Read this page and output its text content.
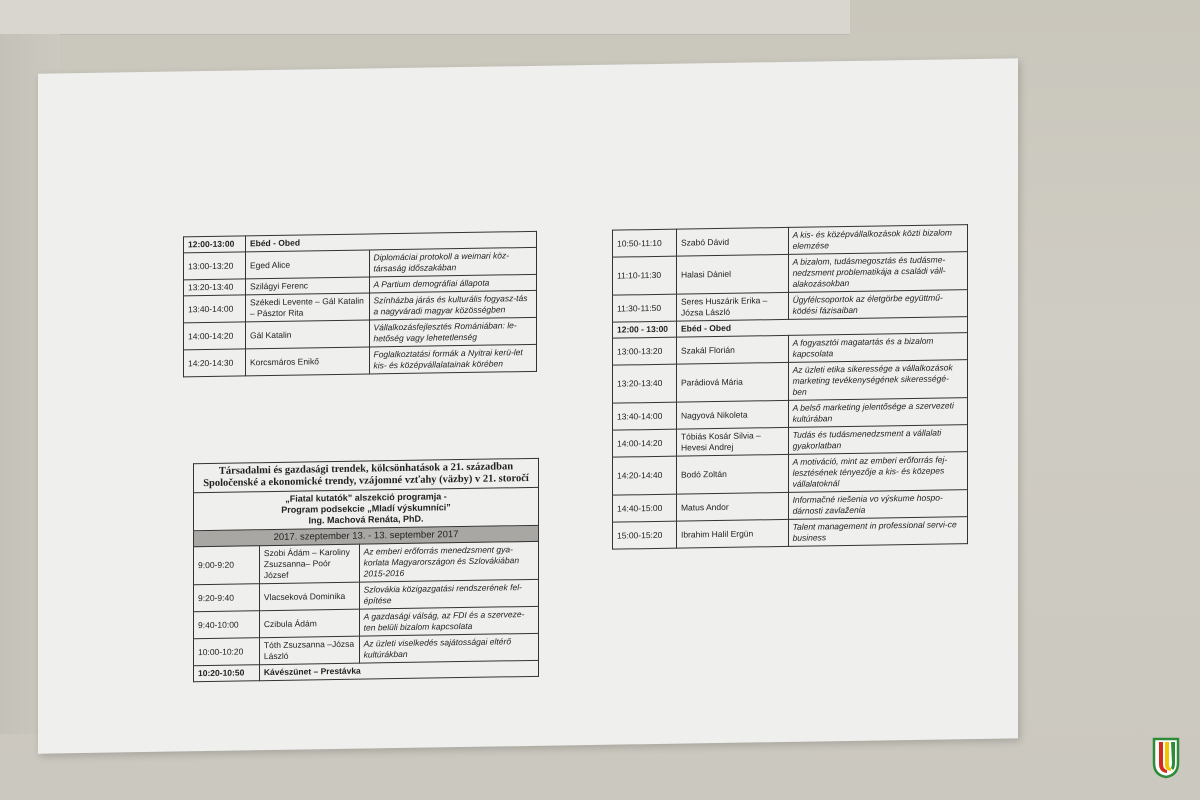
12:00-13:00	Ebéd - Obed	
13:00-13:20	Eged Alice	Diplomáciai protokoll a weimari köz-társaság időszakában
13:20-13:40	Szilágyi Ferenc	A Partium demográfiai állapota
13:40-14:00	Székedi Levente – Gál Katalin – Pásztor Rita	Színházba járás és kulturális fogyasz-tás a nagyváradi magyar közösségben
14:00-14:20	Gál Katalin	Vállalkozásfejlesztés Romániában: le-hetőség vagy lehetetlenség
14:20-14:30	Korcsmáros Enikő	Foglalkoztatási formák a Nyitrai kerü-let kis- és középvállalatainak körében
Társadalmi és gazdasági trendek, kölcsönhatások a 21. században Spoločenské a ekonomické trendy, vzájomné vzťahy (väzby) v 21. storočí		

„Fiatal kutatók” alszekció programja -
Program podsekcie „Mladí výskumníci”
Ing. Machová Renáta, PhD.		

2017. szeptember 13. - 13. september 2017		
9:00-9:20	Szobi Ádám – Karoliny Zsuzsanna– Poór József	Az emberi erőforrás menedzsment gya-korlata Magyarországon és Szlovákiában 2015-2016
9:20-9:40	Vlacseková Dominika	Szlovákia közigazgatási rendszerének fel-építése
9:40-10:00	Czibula Ádám	A gazdasági válság, az FDI és a szerveze-ten belüli bizalom kapcsolata
10:00-10:20	Tóth Zsuzsanna –Józsa László	Az üzleti viselkedés sajátosságai eltérő kultúrákban
10:20-10:50	Kávészünet – Prestávka	
10:50-11:10	Szabó Dávid	A kis- és középvállalkozások közti bizalom elemzése
11:10-11:30	Halasi Dániel	A bizalom, tudásmegosztás és tudásme-nedzsment problematikája a családi váll-alakozásokban
11:30-11:50	Seres Huszárik Erika – Józsa László	Ügyfélcsoportok az életgörbe együttmű-ködési fázisaiban
12:00 - 13:00	Ebéd - Obed	
13:00-13:20	Szakál Florián	A fogyasztói magatartás és a bizalom kapcsolata
13:20-13:40	Parádiová Mária	Az üzleti etika sikeressége a vállalkozások marketing tevékenységének sikerességé-ben
13:40-14:00	Nagyová Nikoleta	A belső marketing jelentősége a szervezeti kultúrában
14:00-14:20	Tóbiás Kosár Silvia – Hevesi Andrej	Tudás és tudásmenedzsment a vállalati gyakorlatban
14:20-14:40	Bodó Zoltán	A motiváció, mint az emberi erőforrás fej-lesztésének tényezője a kis- és közepes vállalatoknál
14:40-15:00	Matus Andor	Informačné riešenia vo výskume hospo-dárnosti zavlaženia
15:00-15:20	Ibrahim Halil Ergün	Talent management in professional servi-ce business
